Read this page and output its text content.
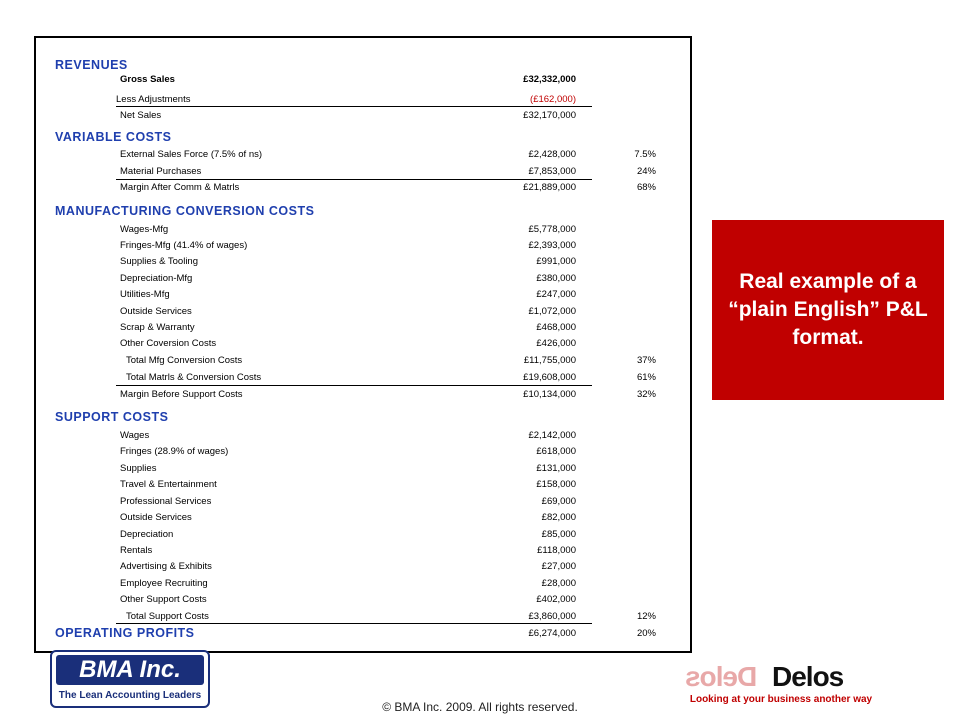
REVENUES
Gross Sales	£32,332,000
Less Adjustments	(£162,000)
Net Sales	£32,170,000
VARIABLE COSTS
External Sales Force (7.5% of ns)	£2,428,000	7.5%
Material Purchases	£7,853,000	24%
Margin After Comm & Matrls	£21,889,000	68%
MANUFACTURING CONVERSION COSTS
Wages-Mfg	£5,778,000
Fringes-Mfg (41.4% of wages)	£2,393,000
Supplies & Tooling	£991,000
Depreciation-Mfg	£380,000
Utilities-Mfg	£247,000
Outside Services	£1,072,000
Scrap & Warranty	£468,000
Other Coversion Costs	£426,000
Total Mfg Conversion Costs	£11,755,000	37%
Total Matrls & Conversion Costs	£19,608,000	61%
Margin Before Support Costs	£10,134,000	32%
SUPPORT COSTS
Wages	£2,142,000
Fringes (28.9% of wages)	£618,000
Supplies	£131,000
Travel & Entertainment	£158,000
Professional Services	£69,000
Outside Services	£82,000
Depreciation	£85,000
Rentals	£118,000
Advertising & Exhibits	£27,000
Employee Recruiting	£28,000
Other Support Costs	£402,000
Total Support Costs	£3,860,000	12%
OPERATING PROFITS	£6,274,000	20%
Real example of a “plain English” P&L format.
BMA Inc.
The Lean Accounting Leaders
Delos Delos
Looking at your business another way
© BMA Inc. 2009. All rights reserved.
